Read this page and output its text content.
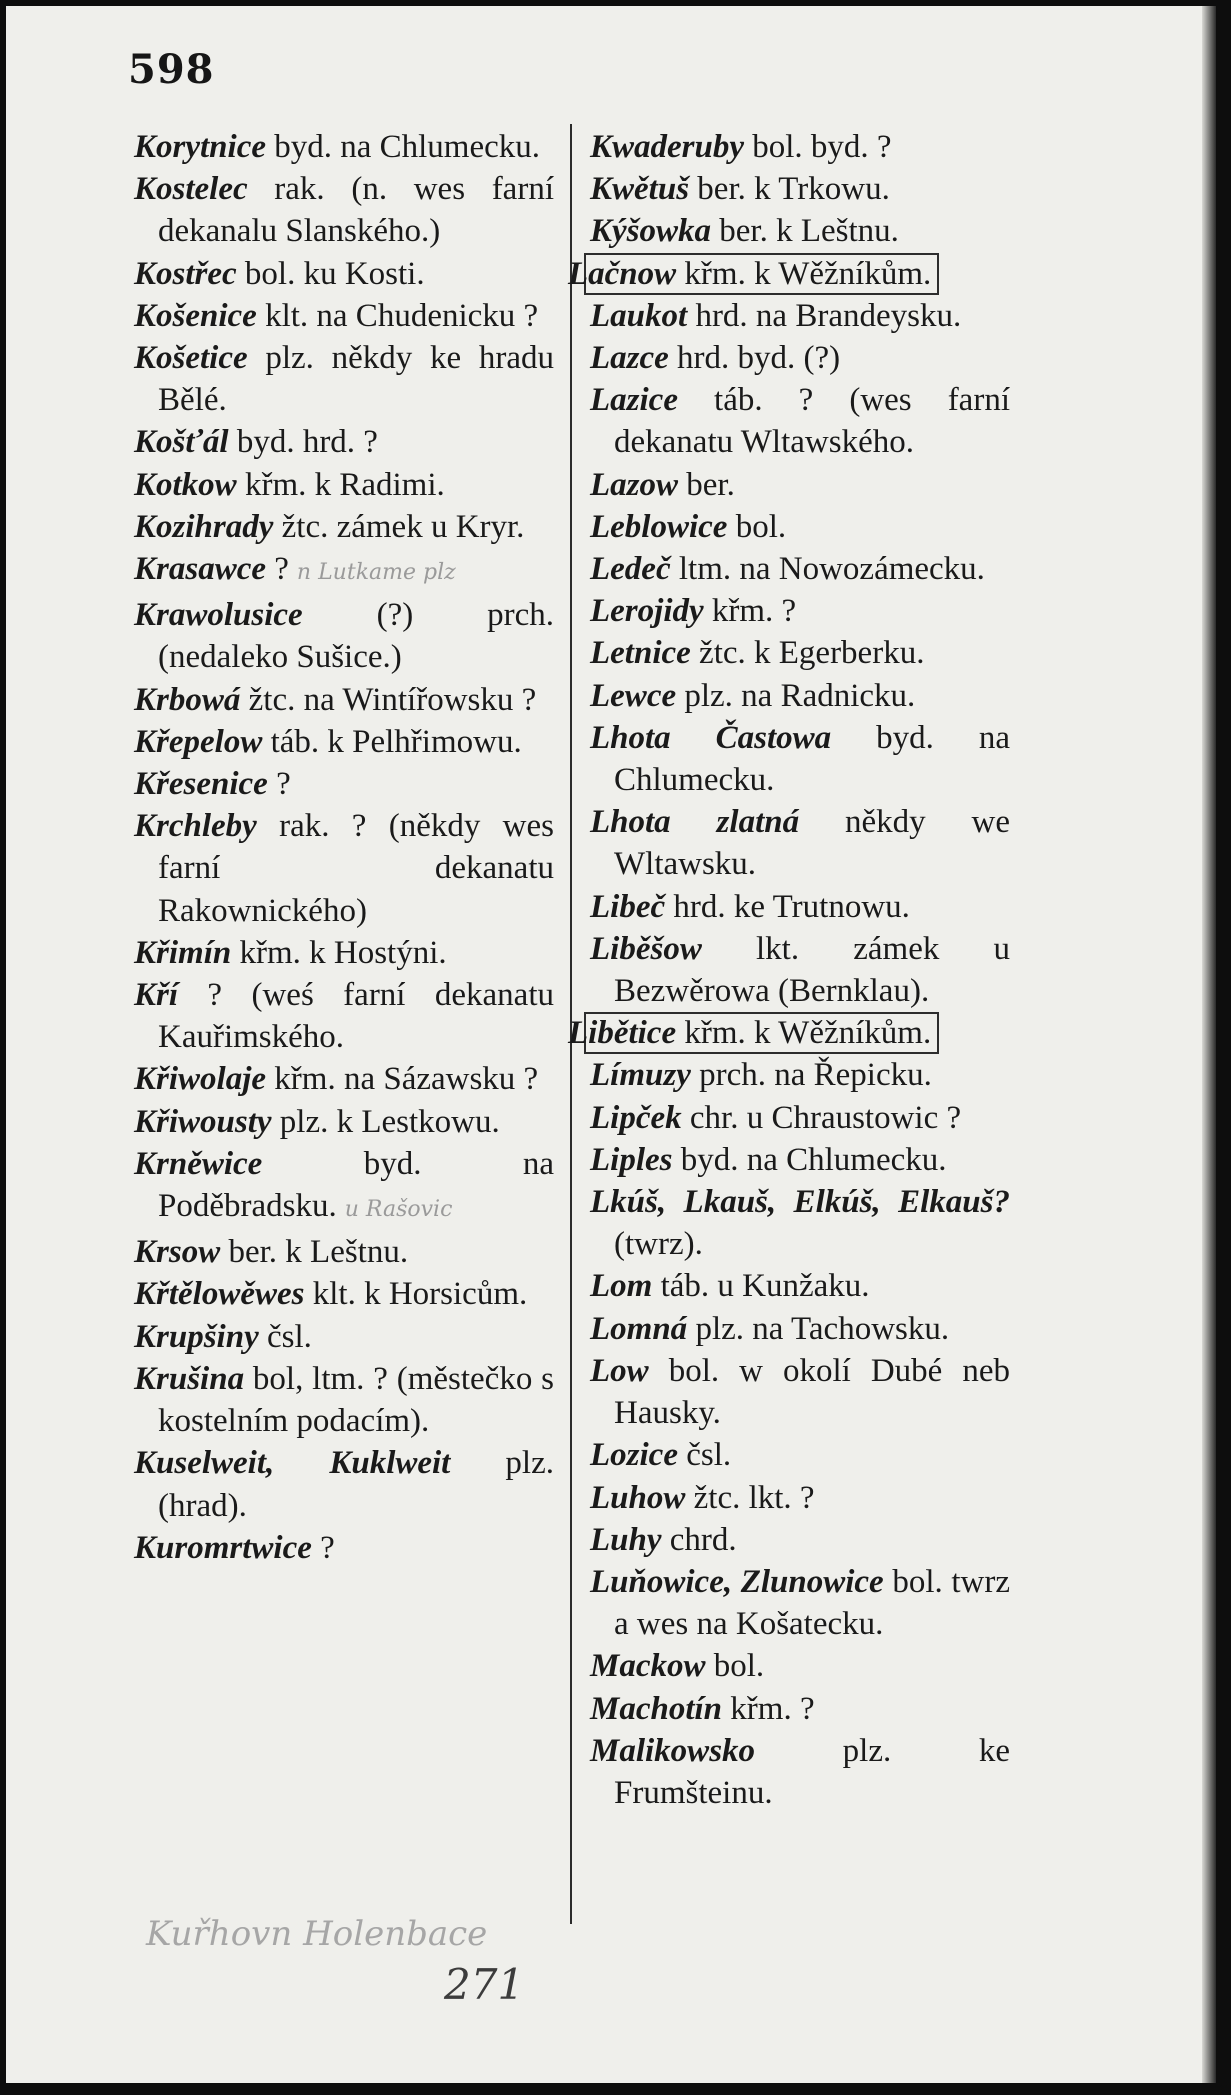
598

Korytnice byd. na Chlumecku.

Kostelec rak. (n. wes farní dekanalu Slanského.)

Kostřec bol. ku Kosti.

Košenice klt. na Chudenicku ?

Košetice plz. někdy ke hradu Bělé.

Košťál byd. hrd. ?

Kotkow křm. k Radimi.

Kozihrady žtc. zámek u Kryr.

Krasawce ? n Lutkame plz

Krawolusice (?) prch. (nedaleko Sušice.)

Krbowá žtc. na Wintířowsku ?

Křepelow táb. k Pelhřimowu.

Křesenice ?

Krchleby rak. ? (někdy wes farní dekanatu Rakownického)

Křimín křm. k Hostýni.

Kří ? (weś farní dekanatu Kauřimského.

Křiwolaje křm. na Sázawsku ?

Křiwousty plz. k Lestkowu.

Krněwice byd. na Poděbradsku. u Rašovic

Krsow ber. k Leštnu.

Křtělowěwes klt. k Horsicům.

Krupšiny čsl.

Krušina bol, ltm. ? (městečko s kostelním podacím).

Kuselweit, Kuklweit plz. (hrad).

Kuromrtwice ?

Kwaderuby bol. byd. ?

Kwětuš ber. k Trkowu.

Kýšowka ber. k Leštnu.

Lačnow křm. k Wěžníkům.

Laukot hrd. na Brandeysku.

Lazce hrd. byd. (?)

Lazice táb. ? (wes farní dekanatu Wltawského.

Lazow ber.

Leblowice bol.

Ledeč ltm. na Nowozámecku.

Lerojidy křm. ?

Letnice žtc. k Egerberku.

Lewce plz. na Radnicku.

Lhota Častowa byd. na Chlumecku.

Lhota zlatná někdy we Wltawsku.

Libeč hrd. ke Trutnowu.

Liběšow lkt. zámek u Bezwěrowa (Bernklau).

Libětice křm. k Wěžníkům.

Límuzy prch. na Řepicku.

Lipček chr. u Chraustowic ?

Liples byd. na Chlumecku.

Lkúš, Lkauš, Elkúš, Elkauš? (twrz).

Lom táb. u Kunžaku.

Lomná plz. na Tachowsku.

Low bol. w okolí Dubé neb Hausky.

Lozice čsl.

Luhow žtc. lkt. ?

Luhy chrd.

Luňowice, Zlunowice bol. twrz a wes na Košatecku.

Mackow bol.

Machotín křm. ?

Malikowsko plz. ke Frumšteinu.

Kuřhovn Holenbace
271
